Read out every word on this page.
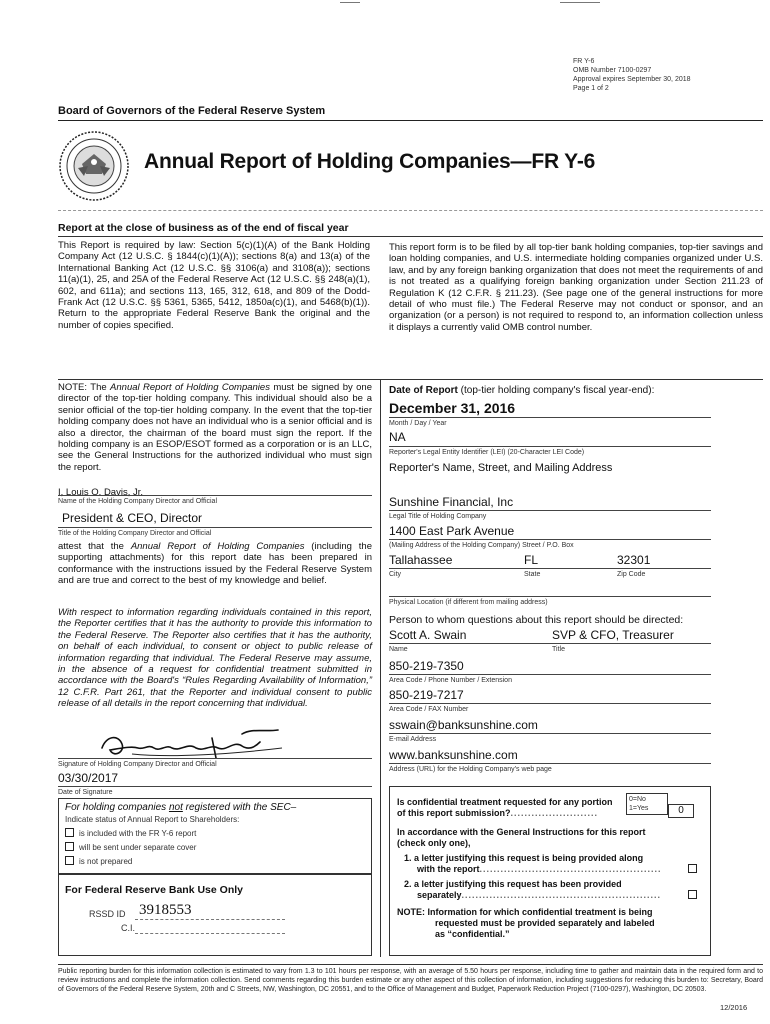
FR Y-6
OMB Number 7100-0297
Approval expires September 30, 2018
Page 1 of 2
Board of Governors of the Federal Reserve System
Annual Report of Holding Companies—FR Y-6
Report at the close of business as of the end of fiscal year
This Report is required by law: Section 5(c)(1)(A) of the Bank Holding Company Act (12 U.S.C. § 1844(c)(1)(A)); sections 8(a) and 13(a) of the International Banking Act (12 U.S.C. §§ 3106(a) and 3108(a)); sections 11(a)(1), 25, and 25A of the Federal Reserve Act (12 U.S.C. §§ 248(a)(1), 602, and 611a); and sections 113, 165, 312, 618, and 809 of the Dodd-Frank Act (12 U.S.C. §§ 5361, 5365, 5412, 1850a(c)(1), and 5468(b)(1)). Return to the appropriate Federal Reserve Bank the original and the number of copies specified.
This report form is to be filed by all top-tier bank holding companies, top-tier savings and loan holding companies, and U.S. intermediate holding companies organized under U.S. law, and by any foreign banking organization that does not meet the requirements of and is not treated as a qualifying foreign banking organization under Section 211.23 of Regulation K (12 C.F.R. § 211.23). (See page one of the general instructions for more detail of who must file.) The Federal Reserve may not conduct or sponsor, and an organization (or a person) is not required to respond to, an information collection unless it displays a currently valid OMB control number.
NOTE: The Annual Report of Holding Companies must be signed by one director of the top-tier holding company. This individual should also be a senior official of the top-tier holding company. In the event that the top-tier holding company does not have an individual who is a senior official and is also a director, the chairman of the board must sign the report. If the holding company is an ESOP/ESOT formed as a corporation or is an LLC, see the General Instructions for the authorized individual who must sign the report.
I, Louis O. Davis, Jr.
Name of the Holding Company Director and Official
President & CEO, Director
Title of the Holding Company Director and Official
attest that the Annual Report of Holding Companies (including the supporting attachments) for this report date has been prepared in conformance with the instructions issued by the Federal Reserve System and are true and correct to the best of my knowledge and belief.
With respect to information regarding individuals contained in this report, the Reporter certifies that it has the authority to provide this information to the Federal Reserve. The Reporter also certifies that it has the authority, on behalf of each individual, to consent or object to public release of information regarding that individual. The Federal Reserve may assume, in the absence of a request for confidential treatment submitted in accordance with the Board's “Rules Regarding Availability of Information,” 12 C.F.R. Part 261, that the Reporter and individual consent to public release of all details in the report concerning that individual.
Signature of Holding Company Director and Official
03/30/2017
Date of Signature
For holding companies not registered with the SEC–
Indicate status of Annual Report to Shareholders:
is included with the FR Y-6 report
will be sent under separate cover
is not prepared
For Federal Reserve Bank Use Only
RSSD ID 3918553
C.I.
Date of Report (top-tier holding company's fiscal year-end):
December 31, 2016
Month / Day / Year
NA
Reporter's Legal Entity Identifier (LEI) (20-Character LEI Code)
Reporter's Name, Street, and Mailing Address
Sunshine Financial, Inc
Legal Title of Holding Company
1400 East Park Avenue
(Mailing Address of the Holding Company) Street / P.O. Box
Tallahassee	FL	32301
City	State	Zip Code
Physical Location (if different from mailing address)
Person to whom questions about this report should be directed:
Scott A. Swain	SVP & CFO, Treasurer
Name	Title
850-219-7350
Area Code / Phone Number / Extension
850-219-7217
Area Code / FAX Number
sswain@banksunshine.com
E-mail Address
www.banksunshine.com
Address (URL) for the Holding Company's web page
Is confidential treatment requested for any portion
of this report submission?.........................
0=No
1=Yes	0
In accordance with the General Instructions for this report
(check only one),
1. a letter justifying this request is being provided along
with the report....................................................
2. a letter justifying this request has been provided
separately.........................................................
NOTE: Information for which confidential treatment is being
requested must be provided separately and labeled
as “confidential.”
Public reporting burden for this information collection is estimated to vary from 1.3 to 101 hours per response, with an average of 5.50 hours per response, including time to gather and maintain data in the required form and to review instructions and complete the information collection. Send comments regarding this burden estimate or any other aspect of this collection of information, including suggestions for reducing this burden to: Secretary, Board of Governors of the Federal Reserve System, 20th and C Streets, NW, Washington, DC 20551, and to the Office of Management and Budget, Paperwork Reduction Project (7100-0297), Washington, DC 20503.
12/2016
